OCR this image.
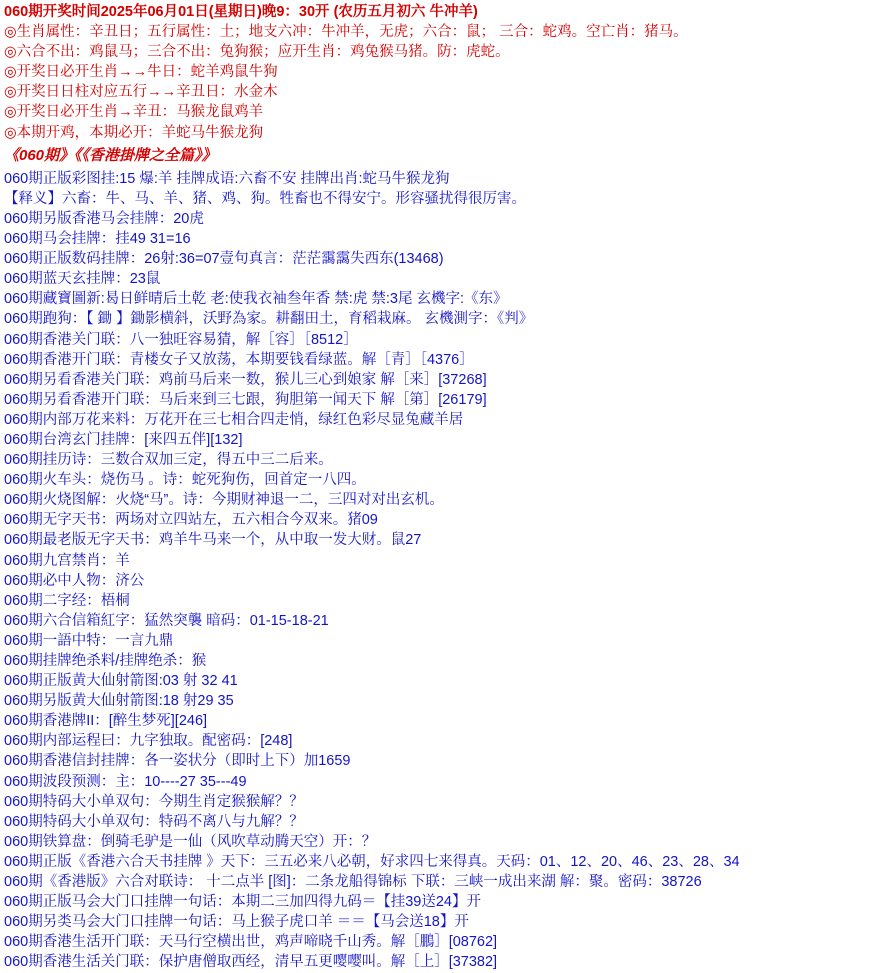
060期开奖时间2025年06月01日(星期日)晚9：30开 (农历五月初六 牛冲羊)
◎生肖属性：辛丑日；五行属性：土；地支六冲：牛冲羊，无虎；六合：鼠； 三合：蛇鸡。空亡肖：猪马。
◎六合不出：鸡鼠马；三合不出：兔狗猴；应开生肖：鸡兔猴马猪。防：虎蛇。
◎开奖日必开生肖→→牛日：蛇羊鸡鼠牛狗
◎开奖日日柱对应五行→→辛丑日：水金木
◎开奖日必开生肖→辛丑：马猴龙鼠鸡羊
◎本期开鸡，本期必开：羊蛇马牛猴龙狗
《060期》《《香港掛牌之全篇》》
060期正版彩图挂:15 爆:羊 挂牌成语:六畜不安 挂牌出肖:蛇马牛猴龙狗
【释义】六畜：牛、马、羊、猪、鸡、狗。牲畜也不得安宁。形容骚扰得很厉害。
060期另版香港马会挂牌：20虎
060期马会挂牌：挂49 31=16
060期正版数码挂牌：26射:36=07壹句真言：茫茫靄靄失西东(13468)
060期蓝天玄挂牌：23鼠
060期藏寶圖新:曷日鲜晴后土乾 老:使我衣袖叁年香 禁:虎 禁:3尾 玄機字:《东》
060期跑狗：【 鋤 】鋤影横斜，沃野為家。耕翻田土，育稻栽麻。 玄機測字：《判》
060期香港关门联：八一独旺容易猜，解［容］［8512］
060期香港开门联：青楼女子又放荡，本期要钱看绿蓝。解［青］［4376］
060期另看香港关门联：鸡前马后来一数，猴儿三心到娘家 解［来］[37268]
060期另看香港开门联：马后来到三七跟，狗胆第一闻天下 解［第］[26179]
060期内部万花来料：万花开在三七相合四走悄，绿红色彩尽显兔藏羊居
060期台湾玄门挂牌：[来四五伴][132]
060期挂历诗：三数合双加三定，得五中三二后来。
060期火车头：烧伤马 。诗：蛇死狗伤，回首定一八四。
060期火烧图解：火烧“马”。诗：今期财神退一二，三四对对出玄机。
060期无字天书：两场对立四站左，五六相合今双来。猪09
060期最老版无字天书：鸡羊牛马来一个，从中取一发大财。鼠27
060期九宫禁肖：羊
060期必中人物：济公
060期二字经：梧桐
060期六合信箱紅字：猛然突襲 暗码：01-15-18-21
060期一語中特：一言九鼎
060期挂牌绝杀料/挂牌绝杀：猴
060期正版黄大仙射箭图:03 射 32 41
060期另版黄大仙射箭图:18 射29 35
060期香港牌II：[醉生梦死][246]
060期内部运程曰：九字独取。配密码：[248]
060期香港信封挂牌：各一姿状分（即时上下）加1659
060期波段预测：主：10----27 35---49
060期特码大小单双句：今期生肖定猴猴解？？
060期特码大小单双句：特码不离八与九解？？
060期铁算盘：倒骑毛驴是一仙（风吹草动腾天空）开：？
060期正版《香港六合天书挂牌 》天下：三五必来八必朝，好求四七来得真。天码：01、12、20、46、23、28、34
060期《香港版》六合对联诗： 十二点半 [图]：二条龙船得锦标 下联：三峡一成出来湖 解：聚。密码：38726
060期正版马会大门口挂牌一句话：本期二三加四得九码＝【挂39送24】开
060期另类马会大门口挂牌一句话：马上猴子虎口羊 ＝＝【马会送18】开
060期香港生活开门联：天马行空横出世，鸡声啼晓千山秀。解［鵬］[08762]
060期香港生活关门联：保护唐僧取西经，清早五更嘤嘤叫。解［上］[37382]
